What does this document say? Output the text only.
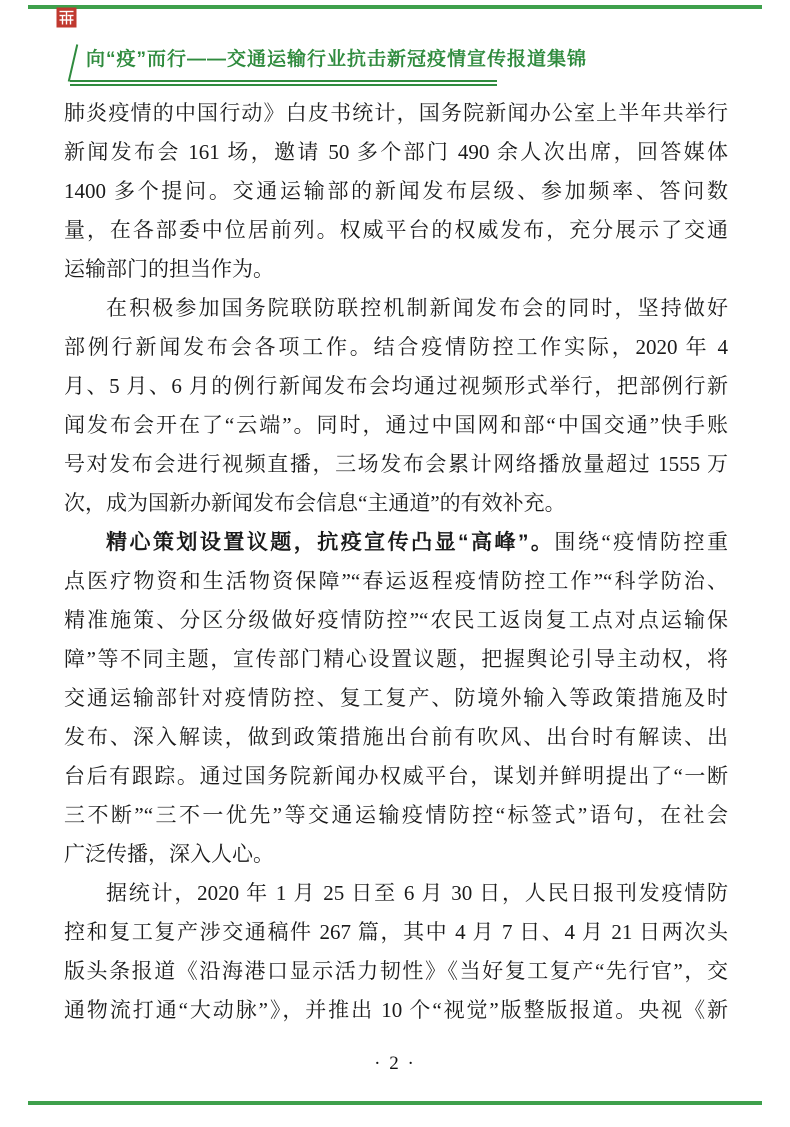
向“疫”而行——交通运输行业抗击新冠疫情宣传报道集锦
肺炎疫情的中国行动》白皮书统计，国务院新闻办公室上半年共举行
新闻发布会 161 场，邀请 50 多个部门 490 余人次出席，回答媒体
1400 多个提问。交通运输部的新闻发布层级、参加频率、答问数
量，在各部委中位居前列。权威平台的权威发布，充分展示了交通
运输部门的担当作为。
在积极参加国务院联防联控机制新闻发布会的同时，坚持做好
部例行新闻发布会各项工作。结合疫情防控工作实际，2020 年 4
月、5 月、6 月的例行新闻发布会均通过视频形式举行，把部例行新
闻发布会开在了“云端”。同时，通过中国网和部“中国交通”快手账
号对发布会进行视频直播，三场发布会累计网络播放量超过 1555 万
次，成为国新办新闻发布会信息“主通道”的有效补充。
精心策划设置议题，抗疫宣传凸显“高峰”。围绕“疫情防控重
点医疗物资和生活物资保障”“春运返程疫情防控工作”“科学防治、
精准施策、分区分级做好疫情防控”“农民工返岗复工点对点运输保
障”等不同主题，宣传部门精心设置议题，把握舆论引导主动权，将
交通运输部针对疫情防控、复工复产、防境外输入等政策措施及时
发布、深入解读，做到政策措施出台前有吹风、出台时有解读、出
台后有跟踪。通过国务院新闻办权威平台，谋划并鲜明提出了“一断
三不断”“三不一优先”等交通运输疫情防控“标签式”语句，在社会
广泛传播，深入人心。
据统计，2020 年 1 月 25 日至 6 月 30 日，人民日报刊发疫情防
控和复工复产涉交通稿件 267 篇，其中 4 月 7 日、4 月 21 日两次头
版头条报道《沿海港口显示活力韧性》《当好复工复产“先行官”，交
通物流打通“大动脉”》，并推出 10 个“视觉”版整版报道。央视《新
· 2 ·
